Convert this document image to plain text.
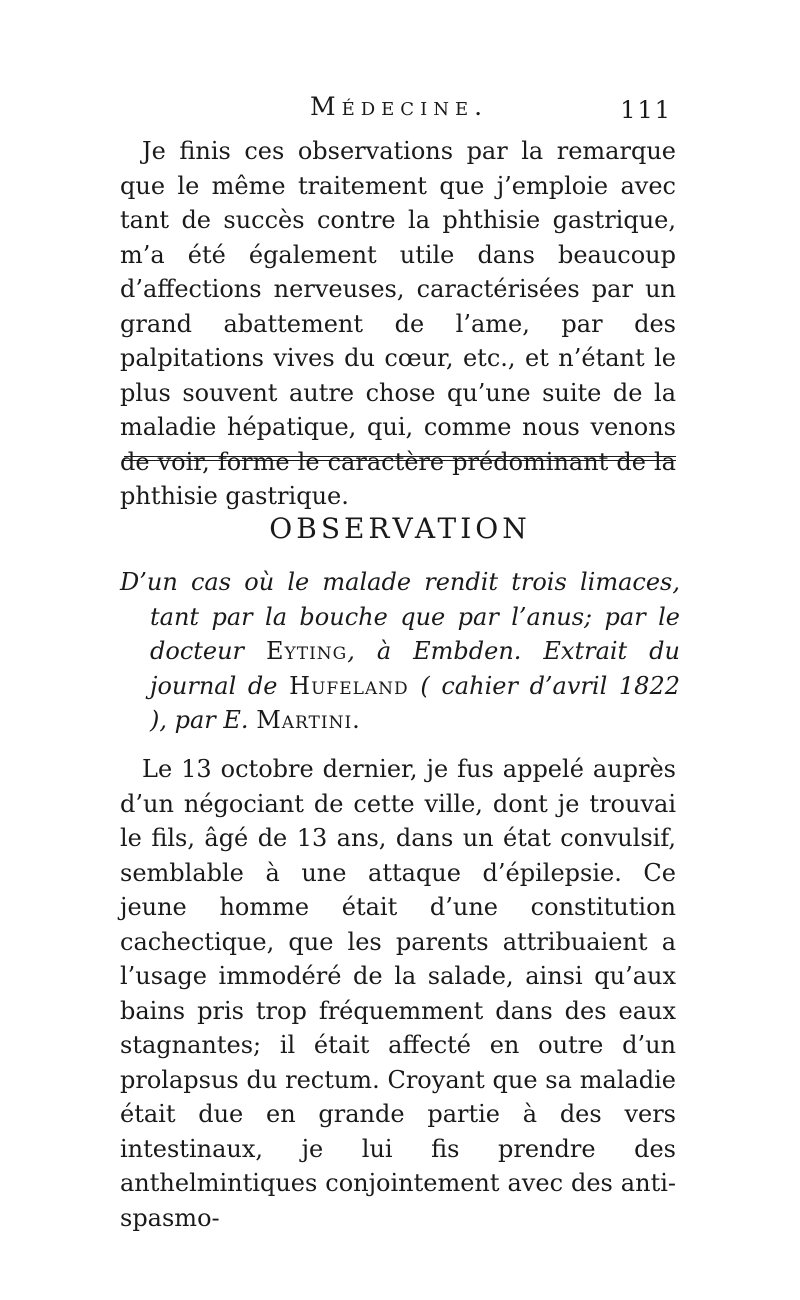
Médecine.	111

Je finis ces observations par la remarque que le même traitement que j’emploie avec tant de succès contre la phthisie gastrique, m’a été également utile dans beaucoup d’affections nerveuses, caractérisées par un grand abattement de l’ame, par des palpitations vives du cœur, etc., et n’étant le plus souvent autre chose qu’une suite de la maladie hépatique, qui, comme nous venons de voir, forme le caractère prédominant de la phthisie gastrique.

OBSERVATION

D’un cas où le malade rendit trois limaces, tant par la bouche que par l’anus; par le docteur Eyting, à Embden. Extrait du journal de Hufeland ( cahier d’avril 1822 ), par E. Martini.

Le 13 octobre dernier, je fus appelé auprès d’un négociant de cette ville, dont je trouvai le fils, âgé de 13 ans, dans un état convulsif, semblable à une attaque d’épilepsie. Ce jeune homme était d’une constitution cachectique, que les parents attribuaient a l’usage immodéré de la salade, ainsi qu’aux bains pris trop fréquemment dans des eaux stagnantes; il était affecté en outre d’un prolapsus du rectum. Croyant que sa maladie était due en grande partie à des vers intestinaux, je lui fis prendre des anthelmintiques conjointement avec des anti-spasmo-
